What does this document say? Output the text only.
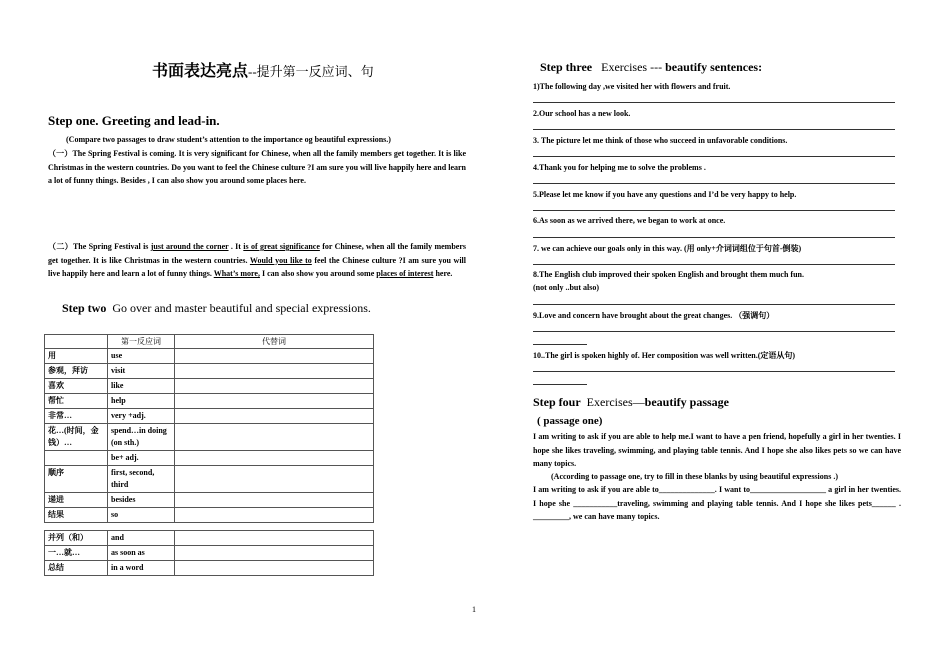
书面表达亮点--提升第一反应词、句
Step one. Greeting and lead-in.
(Compare two passages to draw student’s attention to the importance og beautiful expressions.)
（一）The Spring Festival is coming. It is very significant for Chinese, when all the family members get together. It is like Christmas in the western countries. Do you want to feel the Chinese culture ?I am sure you will live happily here and learn a lot of funny things. Besides , I can also show you around some places here.
（二）The Spring Festival is just around the corner . It is of great significance for Chinese, when all the family members get together. It is like Christmas in the western countries. Would you like to feel the Chinese culture ?I am sure you will live happily here and learn a lot of funny things. What’s more, I can also show you around some places of interest here.
Step two Go over and master beautiful and special expressions.
	第一反应词	代替词
用	use	
参观，拜访	visit	
喜欢	like	
帮忙	help	
非常…	very +adj.	
花…(时间，金钱）…	spend…in doing (on sth.)	
	be+ adj.	
顺序	first, second, third	
递进	besides	
结果	so	
并列（和）	and	
一…就…	as soon as	
总结	in a word	
Step three Exercises --- beautify sentences:
1)The following day ,we visited her with flowers and fruit.
2.Our school has a new look.
3. The picture let me think of those who succeed in unfavorable conditions.
4.Thank you for helping me to solve the problems .
5.Please let me know if you have any questions and I’d be very happy to help.
6.As soon as we arrived there, we began to work at once.
7. we can achieve our goals only in this way. (用 only+介词词组位于句首-倒装)
8.The English club improved their spoken English and brought them much fun.
(not only ..but also)
9.Love and concern have brought about the great changes. （强调句）
10..The girl is spoken highly of. Her composition was well written.(定语从句)
Step four Exercises—beautify passage
( passage one)
I am writing to ask if you are able to help me.I want to have a pen friend, hopefully a girl in her twenties. I hope she likes traveling, swimming, and playing table tennis. And I hope she also likes pets so we can have many topics.
(According to passage one, try to fill in these blanks by using beautiful expressions .)
I am writing to ask if you are able to______________. I want to___________________ a girl in her twenties. I hope she ___________traveling, swimming and playing table tennis. And I hope she likes pets______ . _________, we can have many topics.
1
